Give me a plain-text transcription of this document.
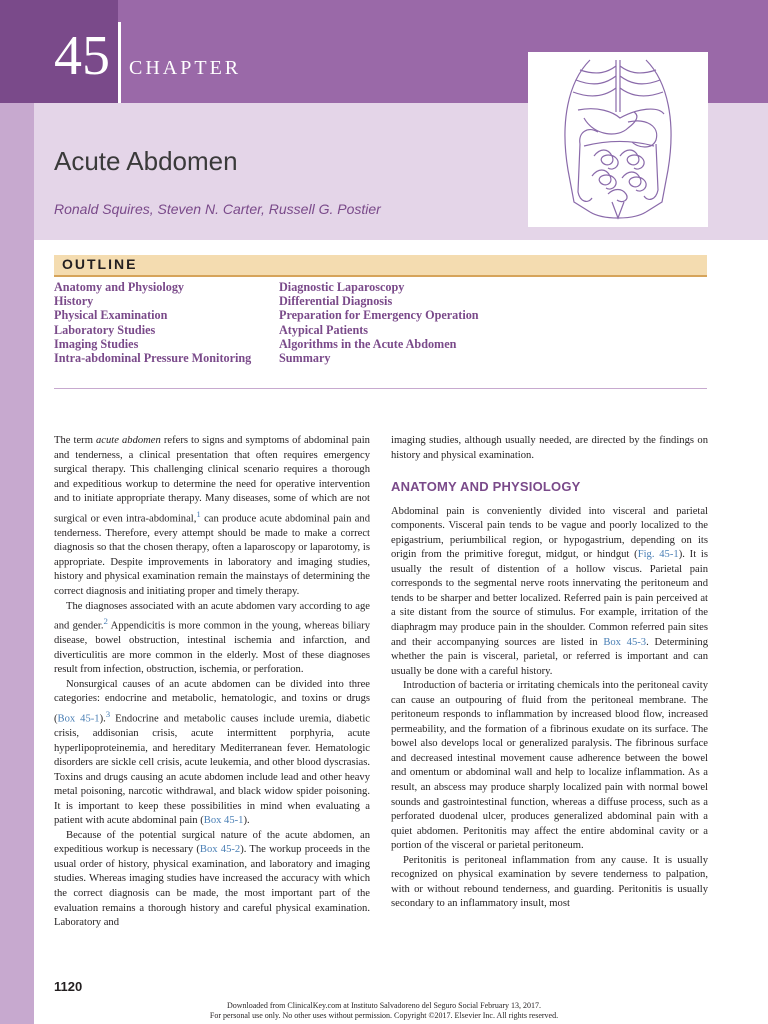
45 CHAPTER
Acute Abdomen
Ronald Squires, Steven N. Carter, Russell G. Postier
OUTLINE
Anatomy and Physiology
History
Physical Examination
Laboratory Studies
Imaging Studies
Intra-abdominal Pressure Monitoring
Diagnostic Laparoscopy
Differential Diagnosis
Preparation for Emergency Operation
Atypical Patients
Algorithms in the Acute Abdomen
Summary

The term acute abdomen refers to signs and symptoms of abdominal pain and tenderness, a clinical presentation that often requires emergency surgical therapy. This challenging clinical scenario requires a thorough and expeditious workup to determine the need for operative intervention and to initiate appropriate therapy. Many diseases, some of which are not surgical or even intra-abdominal,$^1$ can produce acute abdominal pain and tenderness. Therefore, every attempt should be made to make a correct diagnosis so that the chosen therapy, often a laparoscopy or laparotomy, is appropriate. Despite improvements in laboratory and imaging studies, history and physical examination remain the mainstays of determining the correct diagnosis and initiating proper and timely therapy.

The diagnoses associated with an acute abdomen vary according to age and gender.$^2$ Appendicitis is more common in the young, whereas biliary disease, bowel obstruction, intestinal ischemia and infarction, and diverticulitis are more common in the elderly. Most of these diagnoses result from infection, obstruction, ischemia, or perforation.

Nonsurgical causes of an acute abdomen can be divided into three categories: endocrine and metabolic, hematologic, and toxins or drugs (Box 45-1).$^3$ Endocrine and metabolic causes include uremia, diabetic crisis, addisonian crisis, acute intermittent porphyria, acute hyperlipoproteinemia, and hereditary Mediterranean fever. Hematologic disorders are sickle cell crisis, acute leukemia, and other blood dyscrasias. Toxins and drugs causing an acute abdomen include lead and other heavy metal poisoning, narcotic withdrawal, and black widow spider poisoning. It is important to keep these possibilities in mind when evaluating a patient with acute abdominal pain (Box 45-1).

Because of the potential surgical nature of the acute abdomen, an expeditious workup is necessary (Box 45-2). The workup proceeds in the usual order of history, physical examination, and laboratory and imaging studies. Whereas imaging studies have increased the accuracy with which the correct diagnosis can be made, the most important part of the evaluation remains a thorough history and careful physical examination. Laboratory and

imaging studies, although usually needed, are directed by the findings on history and physical examination.

ANATOMY AND PHYSIOLOGY

Abdominal pain is conveniently divided into visceral and parietal components. Visceral pain tends to be vague and poorly localized to the epigastrium, periumbilical region, or hypogastrium, depending on its origin from the primitive foregut, midgut, or hindgut (Fig. 45-1). It is usually the result of distention of a hollow viscus. Parietal pain corresponds to the segmental nerve roots innervating the peritoneum and tends to be sharper and better localized. Referred pain is pain perceived at a site distant from the source of stimulus. For example, irritation of the diaphragm may produce pain in the shoulder. Common referred pain sites and their accompanying sources are listed in Box 45-3. Determining whether the pain is visceral, parietal, or referred is important and can usually be done with a careful history.

Introduction of bacteria or irritating chemicals into the peritoneal cavity can cause an outpouring of fluid from the peritoneal membrane. The peritoneum responds to inflammation by increased blood flow, increased permeability, and the formation of a fibrinous exudate on its surface. The bowel also develops local or generalized paralysis. The fibrinous surface and decreased intestinal movement cause adherence between the bowel and omentum or abdominal wall and help to localize inflammation. As a result, an abscess may produce sharply localized pain with normal bowel sounds and gastrointestinal function, whereas a diffuse process, such as a perforated duodenal ulcer, produces generalized abdominal pain with a quiet abdomen. Peritonitis may affect the entire abdominal cavity or a portion of the visceral or parietal peritoneum.

Peritonitis is peritoneal inflammation from any cause. It is usually recognized on physical examination by severe tenderness to palpation, with or without rebound tenderness, and guarding. Peritonitis is usually secondary to an inflammatory insult, most

1120
Downloaded from ClinicalKey.com at Instituto Salvadoreno del Seguro Social February 13, 2017.
For personal use only. No other uses without permission. Copyright ©2017. Elsevier Inc. All rights reserved.
